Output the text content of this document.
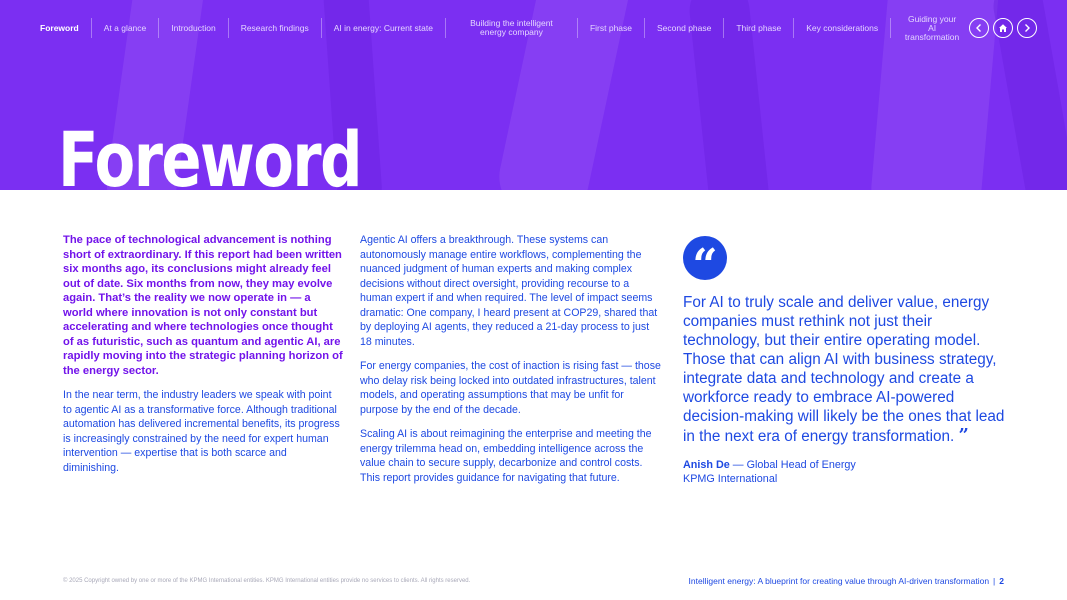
Foreword	At a glance	Introduction	Research findings	AI in energy: Current state	Building the intelligent energy company	First phase	Second phase	Third phase	Key considerations
Guiding your AI transformation
Foreword

The pace of technological advancement is nothing short of extraordinary. If this report had been written six months ago, its conclusions might already feel out of date. Six months from now, they may evolve again. That’s the reality we now operate in — a world where innovation is not only constant but accelerating and where technologies once thought of as futuristic, such as quantum and agentic AI, are rapidly moving into the strategic planning horizon of the energy sector.

In the near term, the industry leaders we speak with point to agentic AI as a transformative force. Although traditional automation has delivered incremental benefits, its progress is increasingly constrained by the need for expert human intervention — expertise that is both scarce and diminishing.

Agentic AI offers a breakthrough. These systems can autonomously manage entire workflows, complementing the nuanced judgment of human experts and making complex decisions without direct oversight, providing recourse to a human expert if and when required. The level of impact seems dramatic: One company, I heard present at COP29, shared that by deploying AI agents, they reduced a 21-day process to just 18 minutes.

For energy companies, the cost of inaction is rising fast — those who delay risk being locked into outdated infrastructures, talent models, and operating assumptions that may be unfit for purpose by the end of the decade.

Scaling AI is about reimagining the enterprise and meeting the energy trilemma head on, embedding intelligence across the value chain to secure supply, decarbonize and control costs. This report provides guidance for navigating that future.

“
For AI to truly scale and deliver value, energy companies must rethink not just their technology, but their entire operating model. Those that can align AI with business strategy, integrate data and technology and create a workforce ready to embrace AI-powered decision-making will likely be the ones that lead in the next era of energy transformation. ”
Anish De — Global Head of Energy
KPMG International
© 2025 Copyright owned by one or more of the KPMG International entities. KPMG International entities provide no services to clients. All rights reserved.	Intelligent energy: A blueprint for creating value through AI-driven transformation | 2
